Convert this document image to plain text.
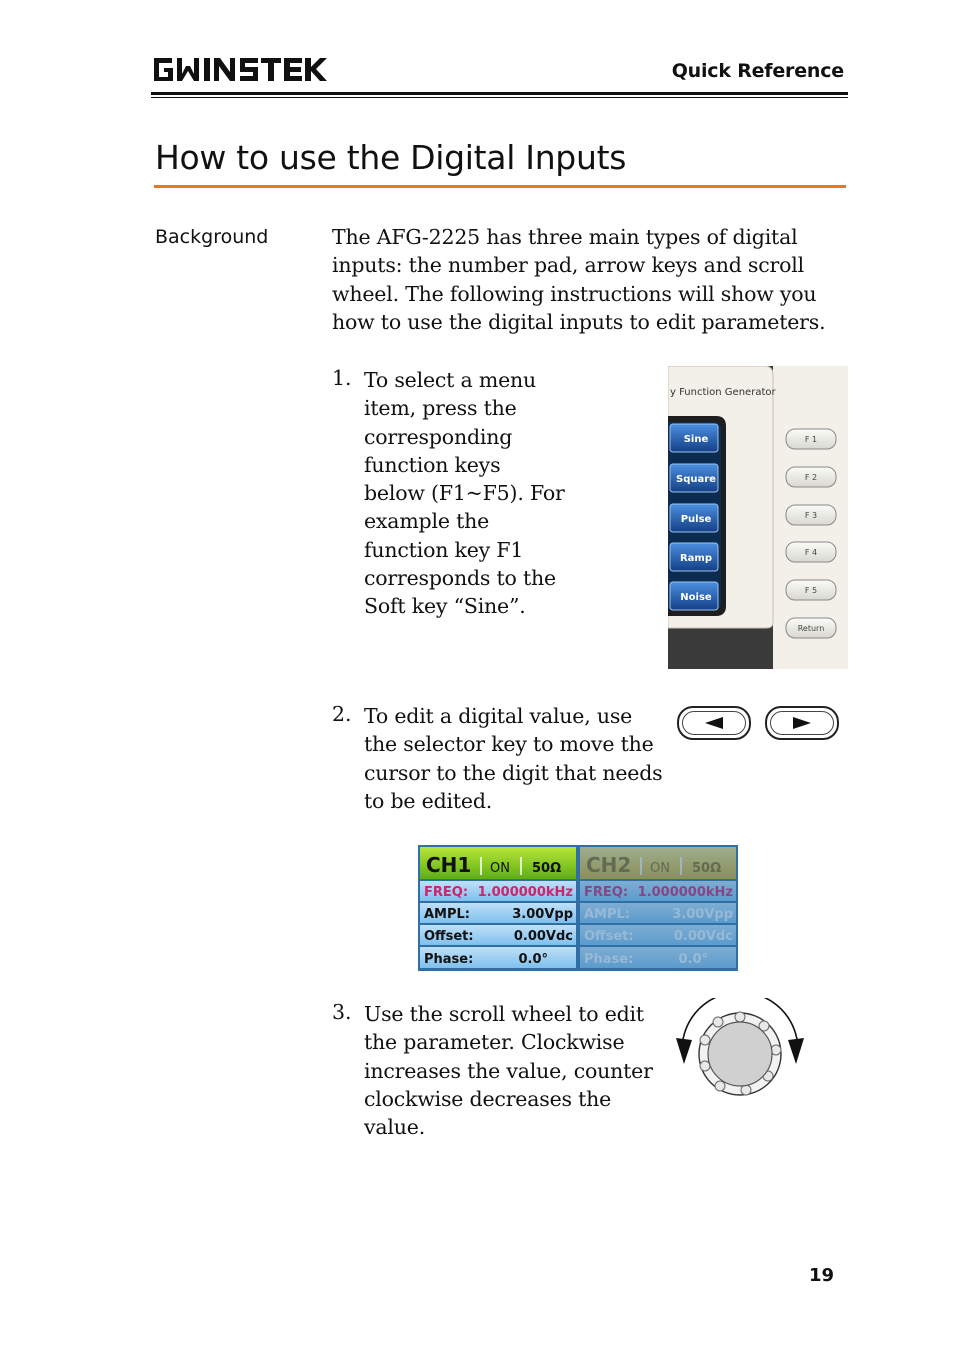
Quick Reference
How to use the Digital Inputs
Background	The AFG-2225 has three main types of digital inputs: the number pad, arrow keys and scroll wheel. The following instructions will show you how to use the digital inputs to edit parameters.
1. To select a menu
item, press the
corresponding
function keys
below (F1~F5). For
example the
function key F1
corresponds to the
Soft key “Sine”.
y Function Generator
Sine
Square
Pulse
Ramp
Noise
F 1
F 2
F 3
F 4
F 5
Return
2. To edit a digital value, use
the selector key to move the
cursor to the digit that needs
to be edited.
CH1 ON 50Ω
FREQ: 1.000000kHz
AMPL:	3.00Vpp
Offset:	0.00Vdc
Phase:	0.0°
CH2 ON 50Ω
FREQ: 1.000000kHz
AMPL:	3.00Vpp
Offset:	0.00Vdc
Phase:	0.0°
3. Use the scroll wheel to edit
the parameter. Clockwise
increases the value, counter
clockwise decreases the
value.
19
